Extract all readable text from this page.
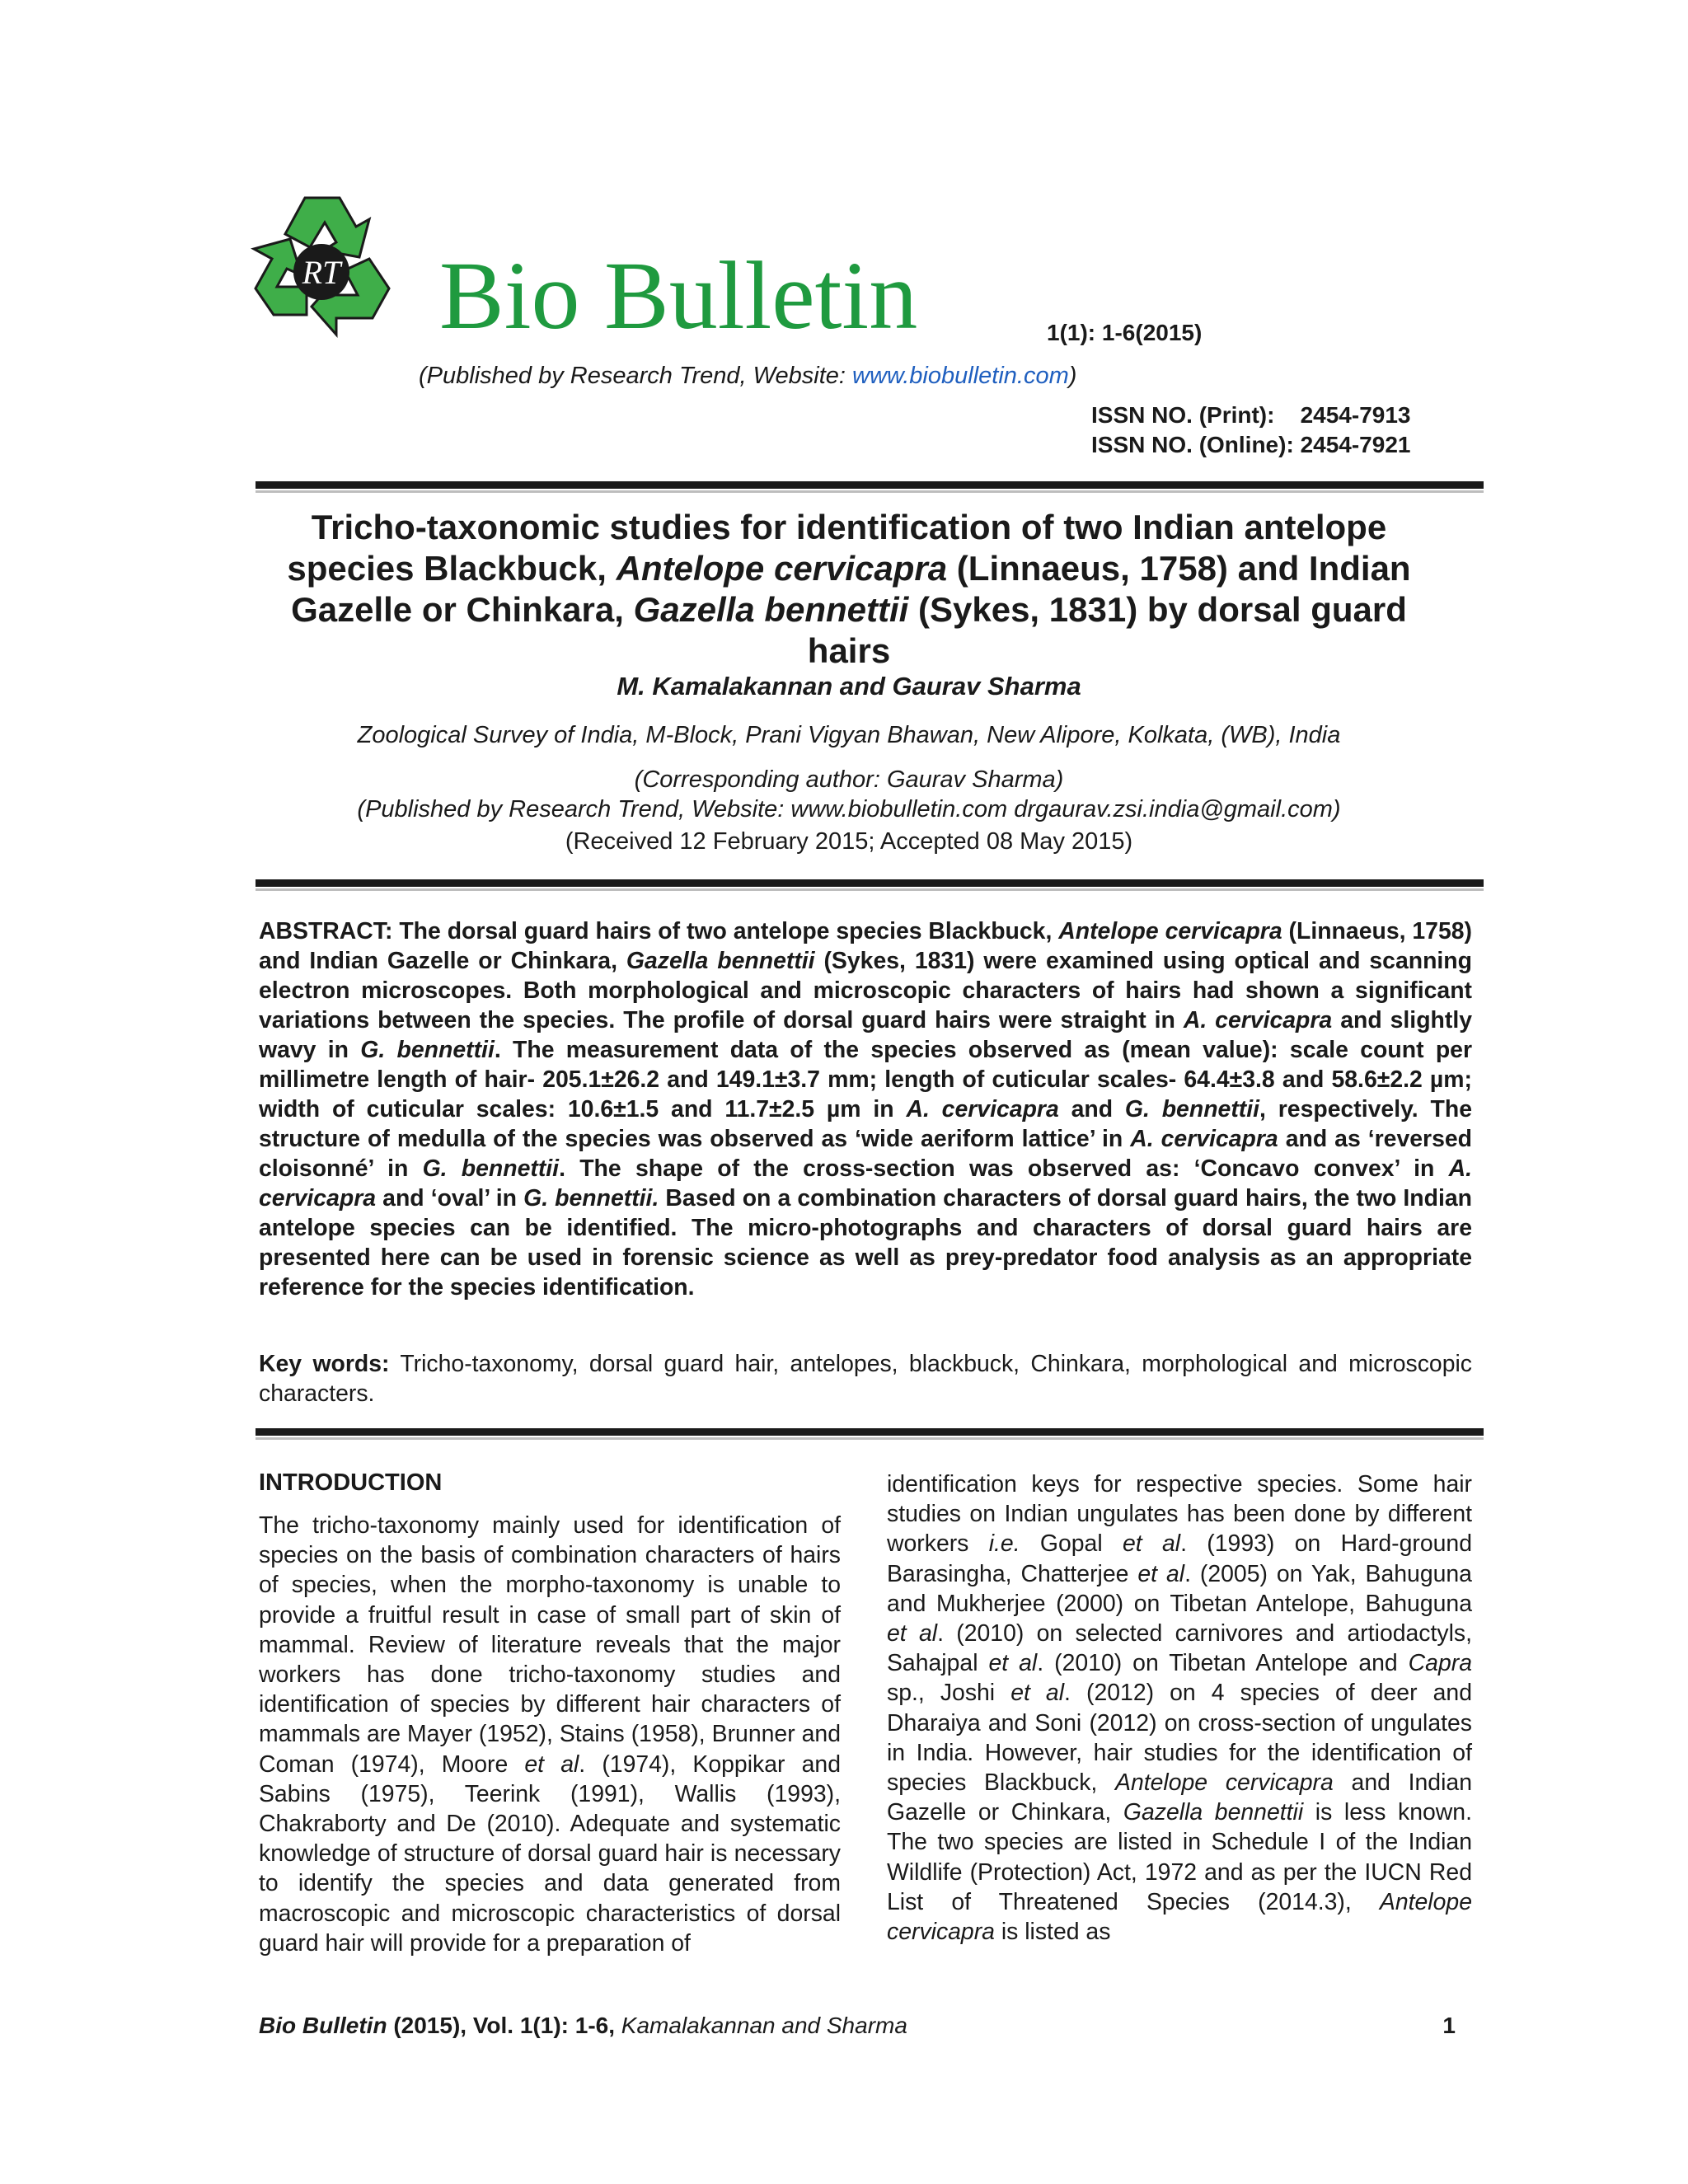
RT Bio Bulletin	1(1): 1-6(2015)
(Published by Research Trend, Website: www.biobulletin.com)
ISSN NO. (Print): 2454-7913
ISSN NO. (Online): 2454-7921
Tricho-taxonomic studies for identification of two Indian antelope
species Blackbuck, Antelope cervicapra (Linnaeus, 1758) and Indian
Gazelle or Chinkara, Gazella bennettii (Sykes, 1831) by dorsal guard
hairs
M. Kamalakannan and Gaurav Sharma
Zoological Survey of India, M-Block, Prani Vigyan Bhawan, New Alipore, Kolkata, (WB), India
(Corresponding author: Gaurav Sharma)
(Published by Research Trend, Website: www.biobulletin.com drgaurav.zsi.india@gmail.com)
(Received 12 February 2015; Accepted 08 May 2015)
ABSTRACT: The dorsal guard hairs of two antelope species Blackbuck, Antelope cervicapra (Linnaeus, 1758) and Indian Gazelle or Chinkara, Gazella bennettii (Sykes, 1831) were examined using optical and scanning electron microscopes. Both morphological and microscopic characters of hairs had shown a significant variations between the species. The profile of dorsal guard hairs were straight in A. cervicapra and slightly wavy in G. bennettii. The measurement data of the species observed as (mean value): scale count per millimetre length of hair- 205.1±26.2 and 149.1±3.7 mm; length of cuticular scales- 64.4±3.8 and 58.6±2.2 µm; width of cuticular scales: 10.6±1.5 and 11.7±2.5 µm in A. cervicapra and G. bennettii, respectively. The structure of medulla of the species was observed as ‘wide aeriform lattice’ in A. cervicapra and as ‘reversed cloisonné’ in G. bennettii. The shape of the cross-section was observed as: ‘Concavo convex’ in A. cervicapra and ‘oval’ in G. bennettii. Based on a combination characters of dorsal guard hairs, the two Indian antelope species can be identified. The micro-photographs and characters of dorsal guard hairs are presented here can be used in forensic science as well as prey-predator food analysis as an appropriate reference for the species identification.
Key words: Tricho-taxonomy, dorsal guard hair, antelopes, blackbuck, Chinkara, morphological and microscopic characters.
INTRODUCTION
The tricho-taxonomy mainly used for identification of species on the basis of combination characters of hairs of species, when the morpho-taxonomy is unable to provide a fruitful result in case of small part of skin of mammal. Review of literature reveals that the major workers has done tricho-taxonomy studies and identification of species by different hair characters of mammals are Mayer (1952), Stains (1958), Brunner and Coman (1974), Moore et al. (1974), Koppikar and Sabins (1975), Teerink (1991), Wallis (1993), Chakraborty and De (2010). Adequate and systematic knowledge of structure of dorsal guard hair is necessary to identify the species and data generated from macroscopic and microscopic characteristics of dorsal guard hair will provide for a preparation of
identification keys for respective species. Some hair studies on Indian ungulates has been done by different workers i.e. Gopal et al. (1993) on Hard-ground Barasingha, Chatterjee et al. (2005) on Yak, Bahuguna and Mukherjee (2000) on Tibetan Antelope, Bahuguna et al. (2010) on selected carnivores and artiodactyls, Sahajpal et al. (2010) on Tibetan Antelope and Capra sp., Joshi et al. (2012) on 4 species of deer and Dharaiya and Soni (2012) on cross-section of ungulates in India. However, hair studies for the identification of species Blackbuck, Antelope cervicapra and Indian Gazelle or Chinkara, Gazella bennettii is less known. The two species are listed in Schedule I of the Indian Wildlife (Protection) Act, 1972 and as per the IUCN Red List of Threatened Species (2014.3), Antelope cervicapra is listed as
Bio Bulletin (2015), Vol. 1(1): 1-6, Kamalakannan and Sharma	1
